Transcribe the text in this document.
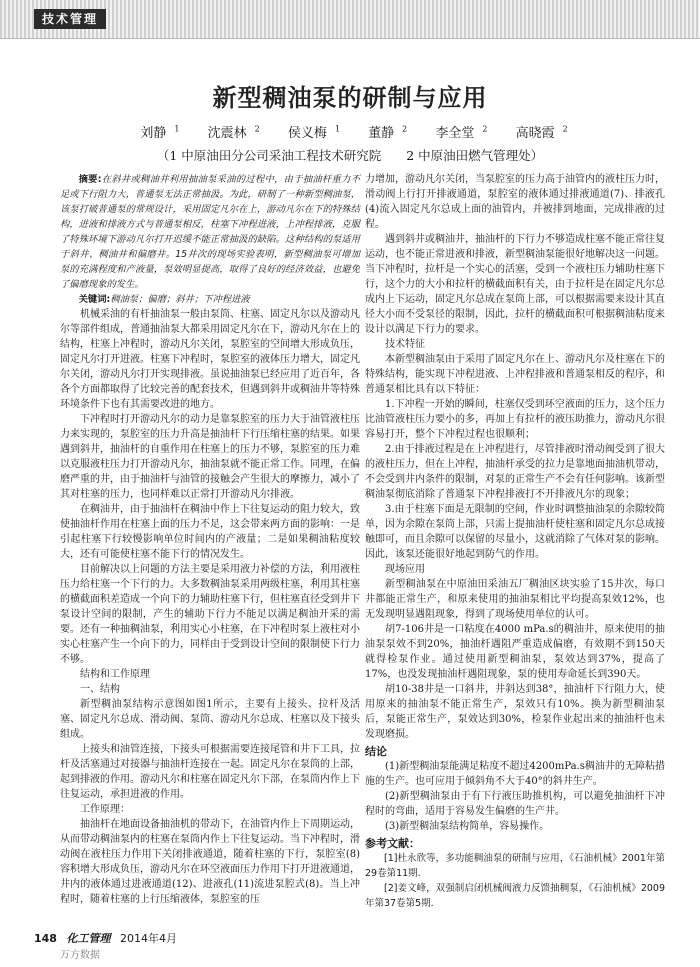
技术管理
新型稠油泵的研制与应用
刘静 $^1$ 沈震林 $^2$ 侯义梅 $^1$ 董静 $^2$ 李全堂 $^2$ 高晓霞 $^2$
（1 中原油田分公司采油工程技术研究院　　2 中原油田燃气管理处）

摘要:在斜井或稠油井利用抽油泵采油的过程中，由于抽油杆重力不足或下行阻力大，普通泵无法正常抽汲。为此，研制了一种新型稠油泵，该泵打破普通泵的常规设计，采用固定凡尔在上，游动凡尔在下的特殊结构，进液和排液方式与普通泵相反，柱塞下冲程进液，上冲程排液，克服了特殊环境下游动凡尔打开迟缓不能正常抽汲的缺陷。这种结构的泵适用于斜井、稠油井和偏磨井。15井次的现场实验表明，新型稠油泵可增加泵的充满程度和产液量，泵效明显提高，取得了良好的经济效益，也避免了偏磨现象的发生。

关键词:稠油泵；偏磨；斜井；下冲程进液

机械采油的有杆抽油泵一般由泵筒、柱塞、固定凡尔以及游动凡尔等部件组成，普通抽油泵大都采用固定凡尔在下，游动凡尔在上的结构，柱塞上冲程时，游动凡尔关闭，泵腔室的空间增大形成负压，固定凡尔打开进液。柱塞下冲程时，泵腔室的液体压力增大，固定凡尔关闭，游动凡尔打开实现排液。虽说抽油泵已经应用了近百年，各各个方面都取得了比较完善的配套技术，但遇到斜井或稠油井等特殊环境条件下也有其需要改进的地方。

下冲程时打开游动凡尔的动力是靠泵腔室的压力大于油管液柱压力来实现的，泵腔室的压力升高是抽油杆下行压缩柱塞的结果。如果遇到斜井，抽油杆的自重作用在柱塞上的压力不够，泵腔室的压力难以克服液柱压力打开游动凡尔，抽油泵就不能正常工作。同理，在偏磨严重的井，由于抽油杆与油管的接触会产生很大的摩擦力，减小了其对柱塞的压力，也同样难以正常打开游动凡尔排液。

在稠油井，由于抽油杆在稠油中作上下往复运动的阻力较大，致使抽油杆作用在柱塞上面的压力不足，这会带来两方面的影响：一是引起柱塞下行较慢影响单位时间内的产液量；二是如果稠油粘度较大，还有可能使柱塞不能下行的情况发生。

目前解决以上问题的方法主要是采用液力补偿的方法，利用液柱压力给柱塞一个下行的力。大多数稠油泵采用两级柱塞，利用其柱塞的横截面积差造成一个向下的力辅助柱塞下行，但柱塞直径受到井下泵设计空间的限制，产生的辅助下行力不能足以满足稠油开采的需要。还有一种抽稠油泵，利用实心小柱塞，在下冲程时泵上液柱对小实心柱塞产生一个向下的力，同样由于受到设计空间的限制使下行力不够。

结构和工作原理
一、结构

新型稠油泵结构示意图如图1所示，主要有上接头、拉杆及活塞、固定凡尔总成、滑动阀、泵筒、游动凡尔总成、柱塞以及下接头组成。

上接头和油管连接，下接头可根据需要连接尾管和井下工具，拉杆及活塞通过对接器与抽油杆连接在一起。固定凡尔在泵筒的上部，起到排液的作用。游动凡尔和柱塞在固定凡尔下部，在泵筒内作上下往复运动，承担进液的作用。

工作原理：

抽油杆在地面设备抽油机的带动下，在油管内作上下周期运动，从而带动稠油泵内的柱塞在泵筒内作上下往复运动。当下冲程时，滑动阀在液柱压力作用下关闭排液通道，随着柱塞的下行，泵腔室(8)容积增大形成负压，游动凡尔在环空液面压力作用下打开进液通道，井内的液体通过进液通道(12)、进液孔(11)流进泵腔式(8)。当上冲程时，随着柱塞的上行压缩液体，泵腔室的压

力增加，游动凡尔关闭，当泵腔室的压力高于油管内的液柱压力时，滑动阀上行打开排液通道，泵腔室的液体通过排液通道(7)、排液孔(4)流入固定凡尔总成上面的油管内，并被排到地面，完成排液的过程。

遇到斜井或稠油井，抽油杆的下行力不够造成柱塞不能正常往复运动，也不能正常进液和排液，新型稠油泵能很好地解决这一问题。当下冲程时，拉杆是一个实心的活塞，受到一个液柱压力辅助柱塞下行，这个力的大小和拉杆的横截面积有关，由于拉杆是在固定凡尔总成内上下运动，固定凡尔总成在泵筒上部，可以根据需要来设计其直径大小而不受泵径的限制，因此，拉杆的横截面积可根据稠油粘度来设计以满足下行力的要求。

技术特征

本新型稠油泵由于采用了固定凡尔在上、游动凡尔及柱塞在下的特殊结构，能实现下冲程进液、上冲程排液和普通泵相反的程序，和普通泵相比具有以下特征：

1.下冲程一开始的瞬间，柱塞仅受到环空液面的压力，这个压力比油管液柱压力要小的多，再加上有拉杆的液压助推力，游动凡尔很容易打开，整个下冲程过程也很顺利；

2.由于排液过程是在上冲程进行，尽管排液时滑动阀受到了很大的液柱压力，但在上冲程，抽油杆承受的拉力是靠地面抽油机带动，不会受到井内条件的限制，对泵的正常生产不会有任何影响。该新型稠油泵彻底消除了普通泵下冲程排液打不开排液凡尔的现象；

3.由于柱塞下面是无限制的空间，作业时调整抽油泵的余隙较简单，因为余隙在泵筒上部，只需上提抽油杆使柱塞和固定凡尔总成接触即可，而且余隙可以保留的尽量小，这就消除了气体对泵的影响。因此，该泵还能很好地起到防气的作用。

现场应用

新型稠油泵在中原油田采油五厂稠油区块实验了15井次，每口井都能正常生产，和原来使用的抽油泵相比平均提高泵效12%，也无发现明显遇阻现象，得到了现场使用单位的认可。

胡7-106井是一口粘度在4000 mPa.s的稠油井，原来使用的抽油泵泵效不到20%，抽油杆遇阻严重造成偏磨，有效期不到150天就得检泵作业。通过使用新型稠油泵，泵效达到37%，提高了17%，也没发现抽油杆遇阻现象，泵的使用寿命延长到390天。

胡10-38井是一口斜井，井斜达到38°，抽油杆下行阻力大，使用原来的抽油泵不能正常生产，泵效只有10%。换为新型稠油泵后，泵能正常生产，泵效达到30%，检泵作业起出来的抽油杆也未发现磨损。

结论

(1)新型稠油泵能满足粘度不超过4200mPa.s稠油井的无障粘措施的生产。也可应用于倾斜角不大于40°的斜井生产。

(2)新型稠油泵由于有下行液压助推机构，可以避免抽油杆下冲程时的弯曲，适用于容易发生偏磨的生产井。

(3)新型稠油泵结构简单，容易操作。

参考文献：

[1]杜永欣等，多功能稠油泵的研制与应用，《石油机械》2001年第29卷第11期.

[2]姜文峰，双强制启闭机械阀液力反馈抽稠泵，《石油机械》2009年第37卷第5期.

148 化工管理 2014年4月
万方数据
